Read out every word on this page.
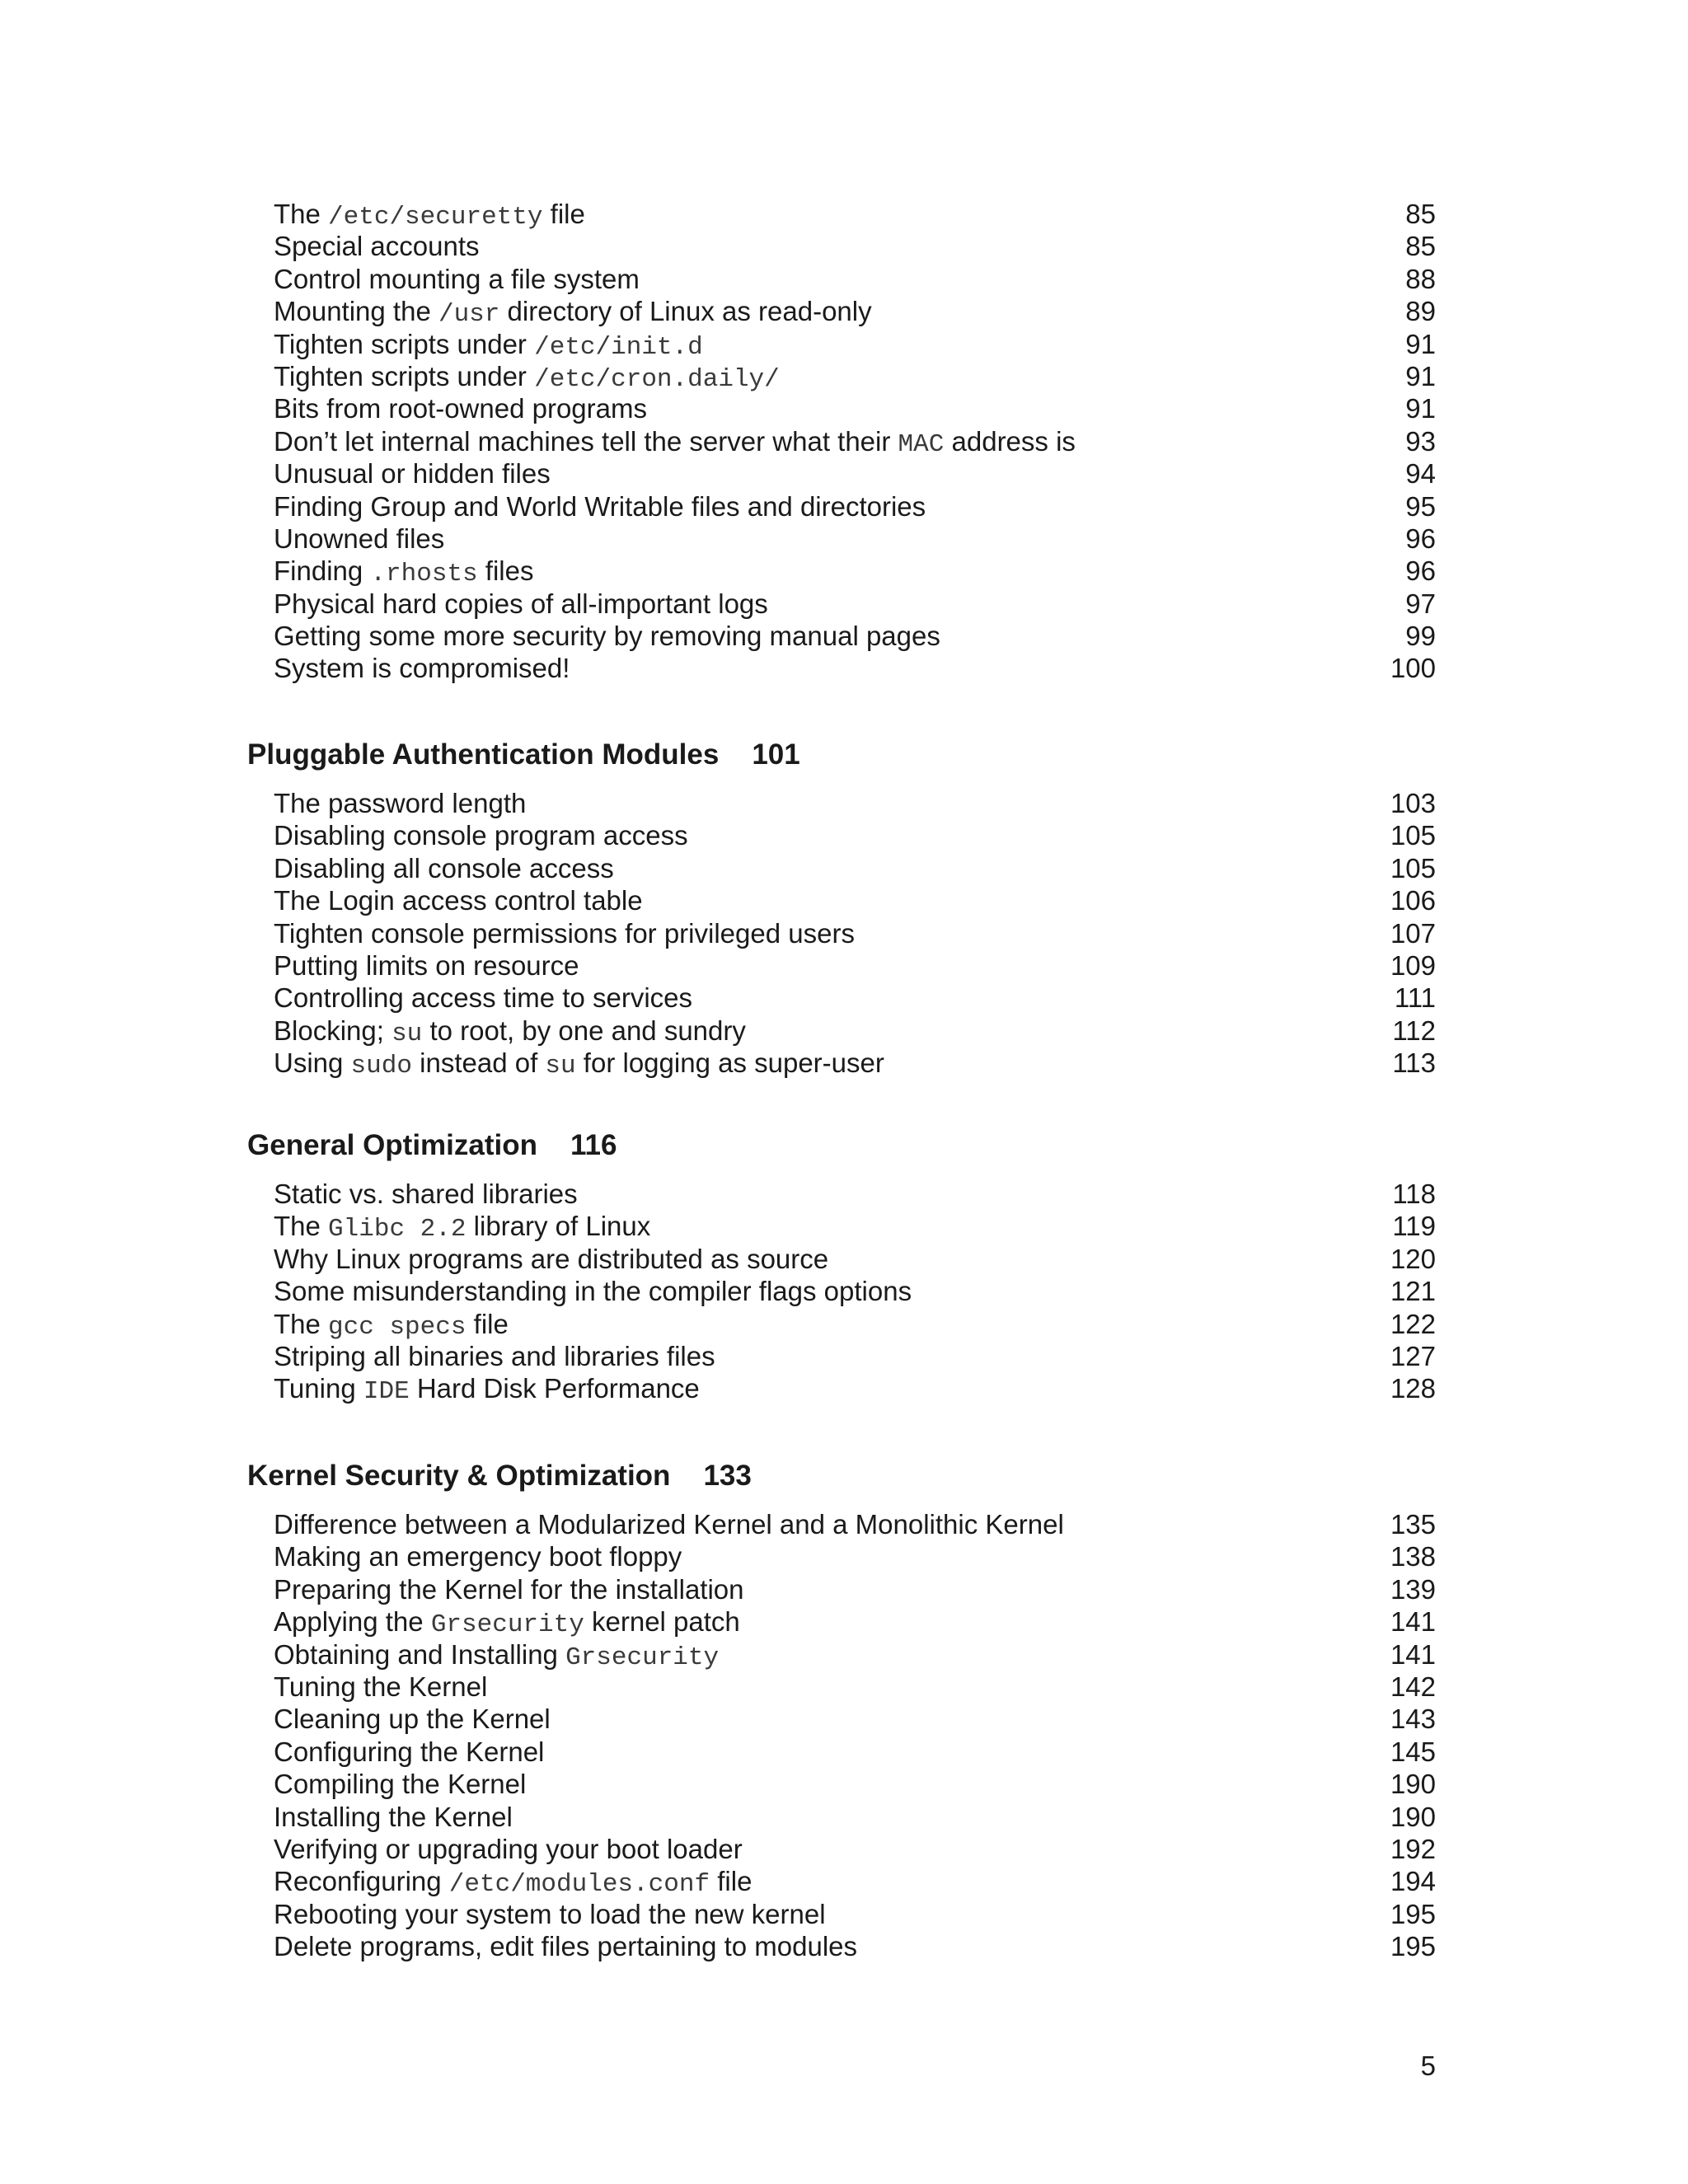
The /etc/securetty file	85
Special accounts	85
Control mounting a file system	88
Mounting the /usr directory of Linux as read-only	89
Tighten scripts under /etc/init.d	91
Tighten scripts under /etc/cron.daily/	91
Bits from root-owned programs	91
Don’t let internal machines tell the server what their MAC address is	93
Unusual or hidden files	94
Finding Group and World Writable files and directories	95
Unowned files	96
Finding .rhosts files	96
Physical hard copies of all-important logs	97
Getting some more security by removing manual pages	99
System is compromised!	100
Pluggable Authentication Modules 101
The password length	103
Disabling console program access	105
Disabling all console access	105
The Login access control table	106
Tighten console permissions for privileged users	107
Putting limits on resource	109
Controlling access time to services	111
Blocking; su to root, by one and sundry	112
Using sudo instead of su for logging as super-user	113
General Optimization 116
Static vs. shared libraries	118
The Glibc 2.2 library of Linux	119
Why Linux programs are distributed as source	120
Some misunderstanding in the compiler flags options	121
The gcc specs file	122
Striping all binaries and libraries files	127
Tuning IDE Hard Disk Performance	128
Kernel Security & Optimization 133
Difference between a Modularized Kernel and a Monolithic Kernel	135
Making an emergency boot floppy	138
Preparing the Kernel for the installation	139
Applying the Grsecurity kernel patch	141
Obtaining and Installing Grsecurity	141
Tuning the Kernel	142
Cleaning up the Kernel	143
Configuring the Kernel	145
Compiling the Kernel	190
Installing the Kernel	190
Verifying or upgrading your boot loader	192
Reconfiguring /etc/modules.conf file	194
Rebooting your system to load the new kernel	195
Delete programs, edit files pertaining to modules	195
5
